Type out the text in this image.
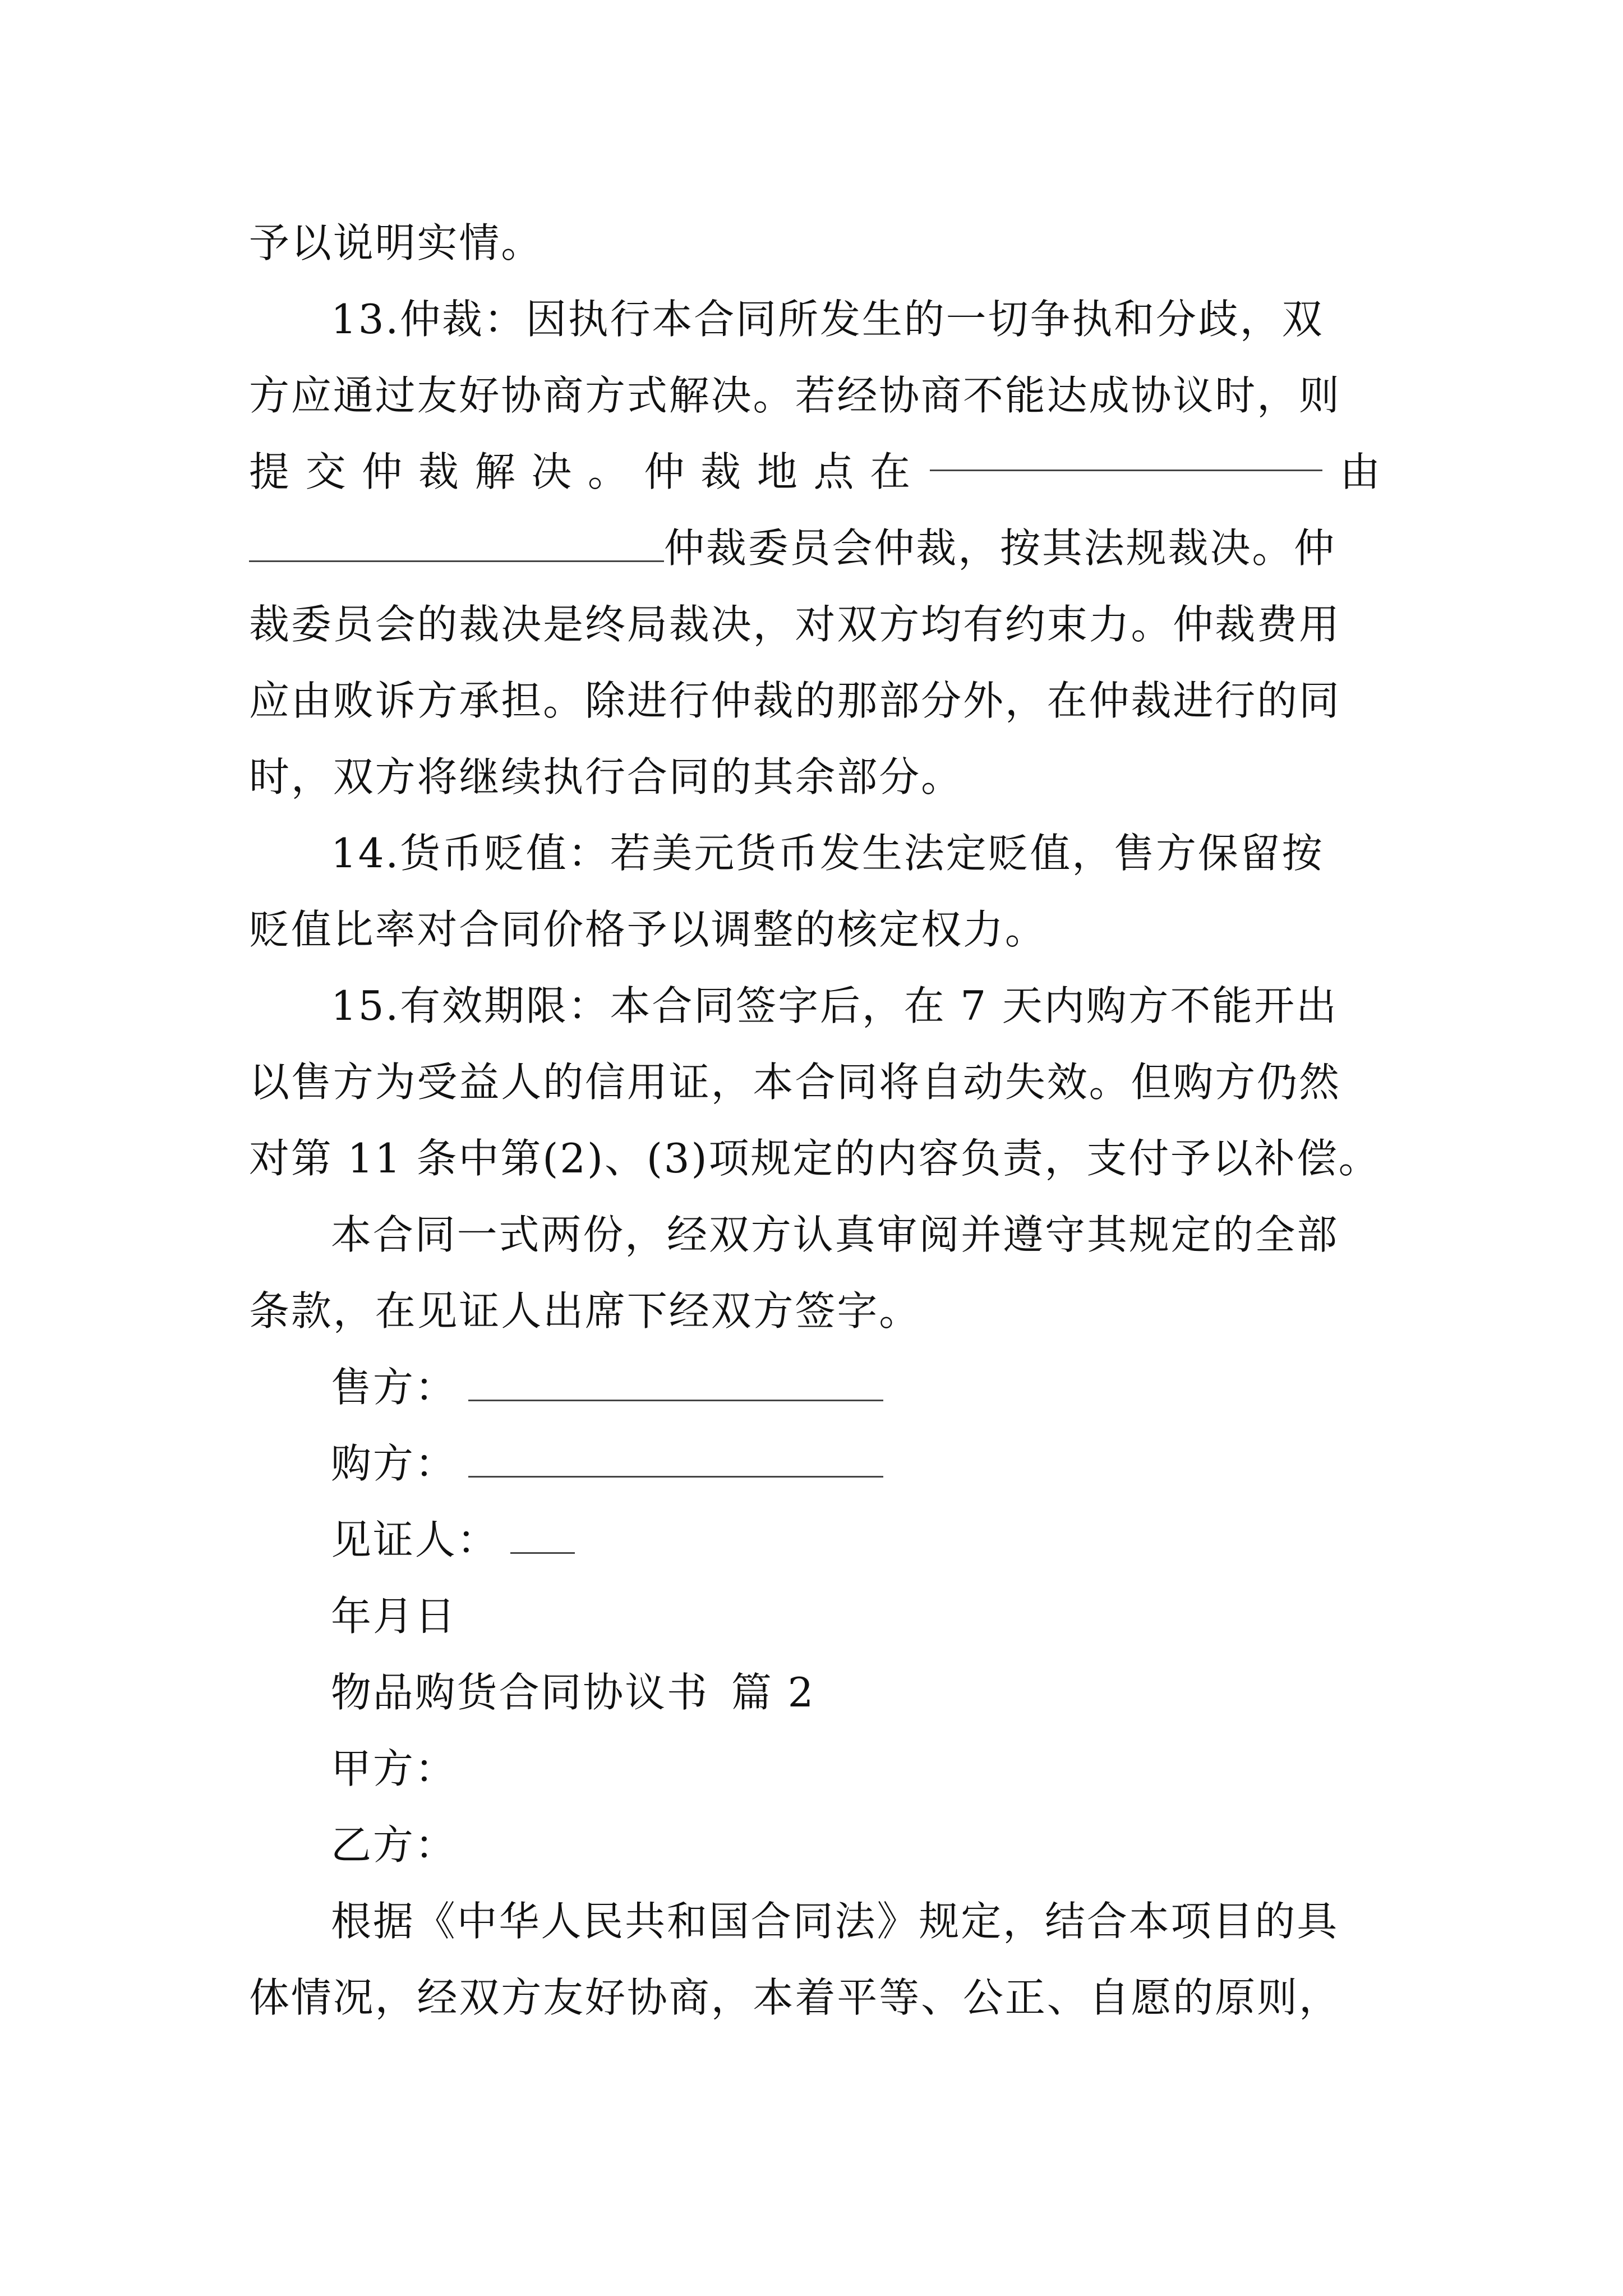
予以说明实情。
13.仲裁：因执行本合同所发生的一切争执和分歧，双
方应通过友好协商方式解决。若经协商不能达成协议时，则
提 交 仲 裁 解 决 。 仲 裁 地 点 在	由
仲裁委员会仲裁，按其法规裁决。仲
裁委员会的裁决是终局裁决，对双方均有约束力。仲裁费用
应由败诉方承担。除进行仲裁的那部分外，在仲裁进行的同
时，双方将继续执行合同的其余部分。
14.货币贬值：若美元货币发生法定贬值，售方保留按
贬值比率对合同价格予以调整的核定权力。
15.有效期限：本合同签字后，在 7 天内购方不能开出
以售方为受益人的信用证，本合同将自动失效。但购方仍然
对第 11 条中第(2)、(3)项规定的内容负责，支付予以补偿。
本合同一式两份，经双方认真审阅并遵守其规定的全部
条款，在见证人出席下经双方签字。
售方：
购方：
见证人：
年月日
物品购货合同协议书 篇 2
甲方：
乙方：
根据《中华人民共和国合同法》规定，结合本项目的具
体情况，经双方友好协商，本着平等、公正、自愿的原则，
